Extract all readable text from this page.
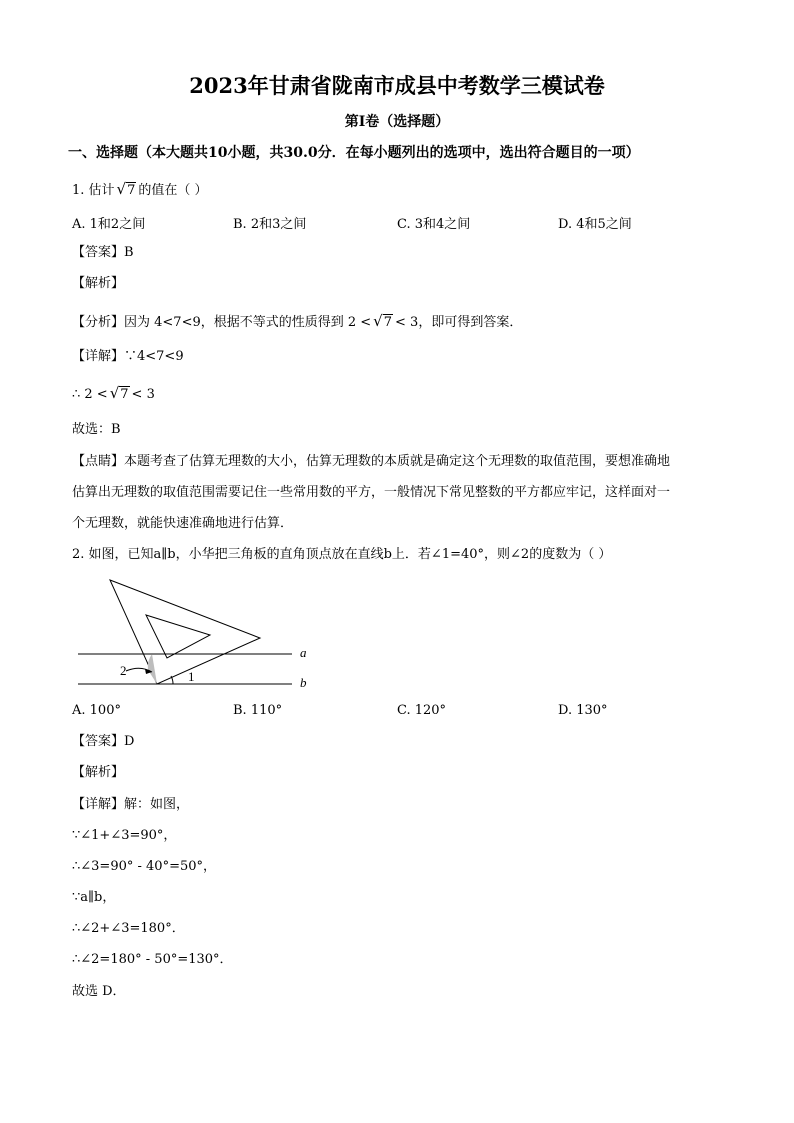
2023年甘肃省陇南市成县中考数学三模试卷
第I卷（选择题）
一、选择题（本大题共10小题，共30.0分．在每小题列出的选项中，选出符合题目的一项）
1. 估计 √7 的值在（ ）
A. 1和2之间	B. 2和3之间	C. 3和4之间	D. 4和5之间
【答案】B
【解析】
【分析】因为 4<7<9，根据不等式的性质得到 2 < √7 < 3，即可得到答案．
【详解】∵4<7<9
∴ 2 < √7 < 3
故选：B
【点睛】本题考查了估算无理数的大小，估算无理数的本质就是确定这个无理数的取值范围，要想准确地
估算出无理数的取值范围需要记住一些常用数的平方，一般情况下常见整数的平方都应牢记，这样面对一
个无理数，就能快速准确地进行估算．
2. 如图，已知a∥b，小华把三角板的直角顶点放在直线b上．若∠1=40°，则∠2的度数为（ ）
a
b
2	1
A. 100°	B. 110°	C. 120°	D. 130°
【答案】D
【解析】
【详解】解：如图，
∵∠1+∠3=90°，
∴∠3=90° - 40°=50°，
∵a∥b，
∴∠2+∠3=180°．
∴∠2=180° - 50°=130°．
故选 D．
